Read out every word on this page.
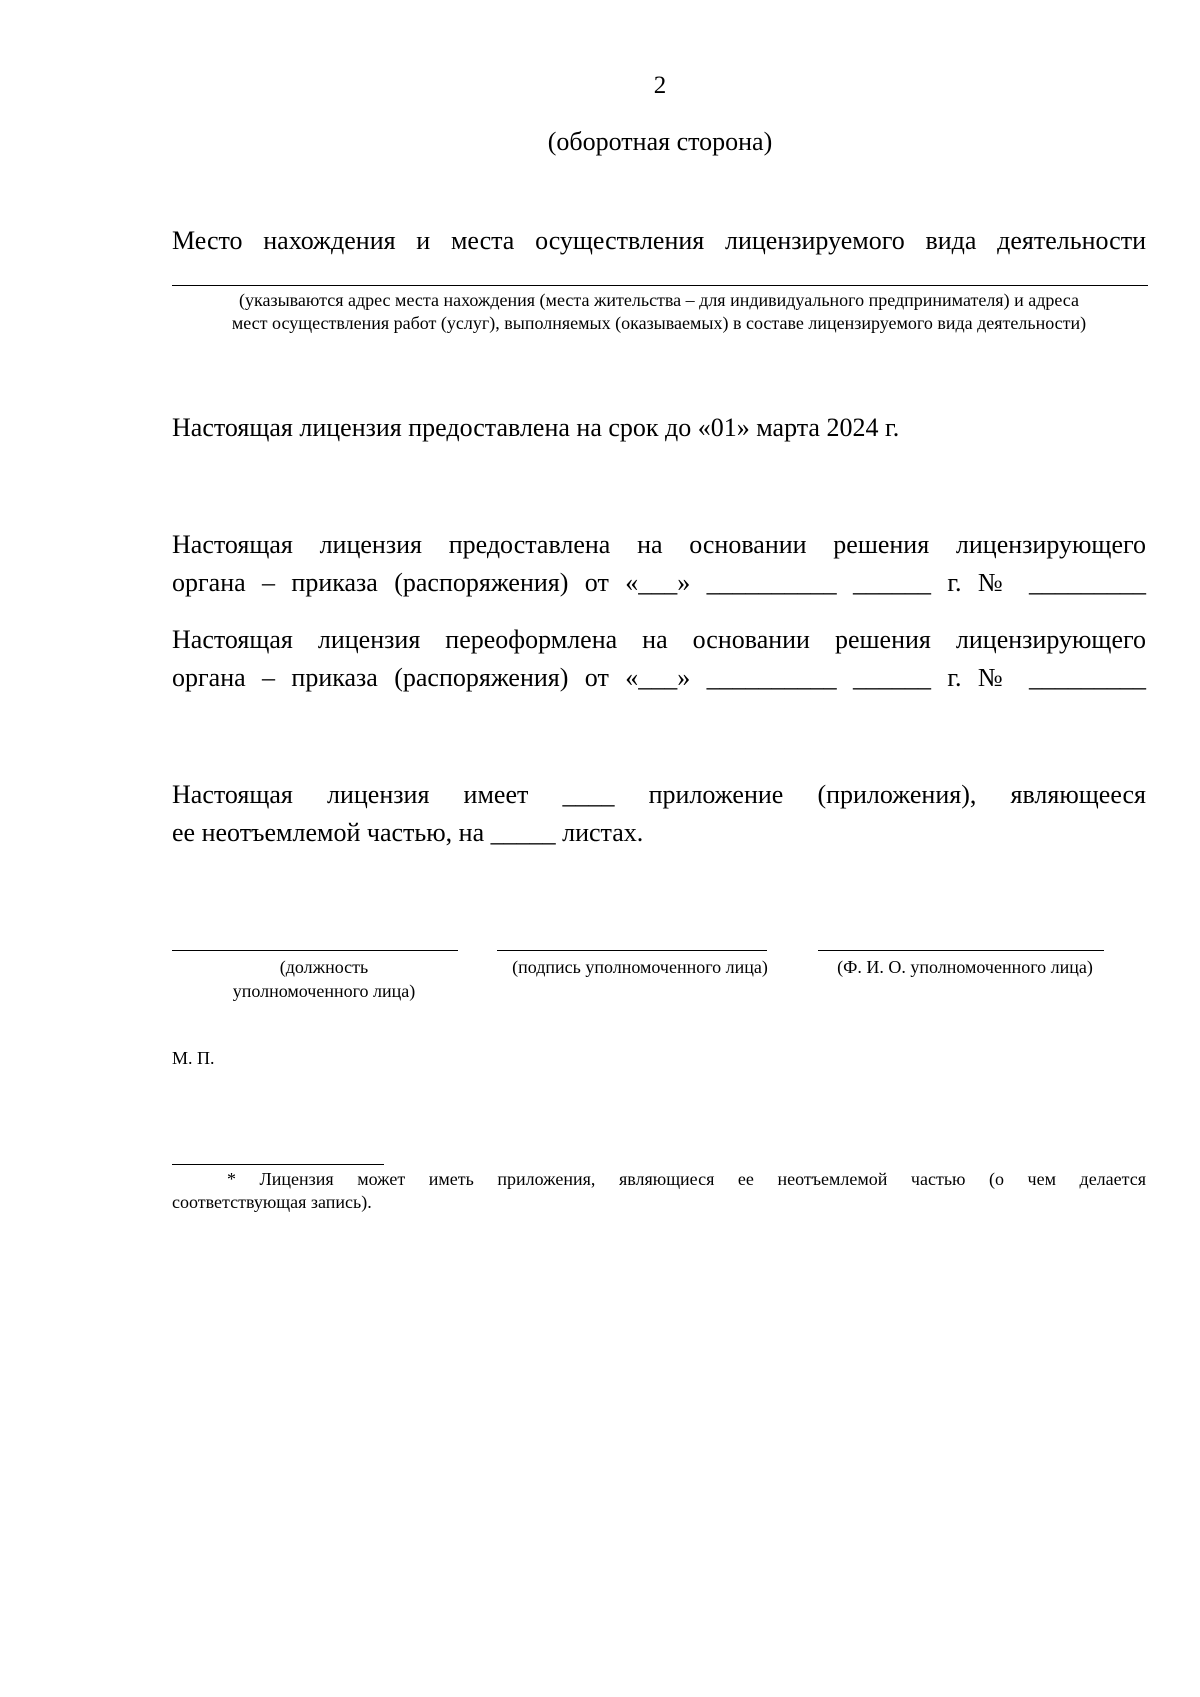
2
(оборотная сторона)
Место нахождения и места осуществления лицензируемого вида деятельности
(указываются адрес места нахождения (места жительства – для индивидуального предпринимателя) и адреса
мест осуществления работ (услуг), выполняемых (оказываемых) в составе лицензируемого вида деятельности)
Настоящая лицензия предоставлена на срок до «01» марта 2024 г.
Настоящая лицензия предоставлена на основании решения лицензирующего
органа – приказа (распоряжения) от «___» __________ ______ г. № _________
Настоящая лицензия переоформлена на основании решения лицензирующего
органа – приказа (распоряжения) от «___» __________ ______ г. № _________
Настоящая лицензия имеет ____ приложение (приложения), являющееся
ее неотъемлемой частью, на _____ листах.
(должность
уполномоченного лица)
(подпись уполномоченного лица)	(Ф. И. О. уполномоченного лица)
М. П.
* Лицензия может иметь приложения, являющиеся ее неотъемлемой частью (о чем делается
соответствующая запись).
